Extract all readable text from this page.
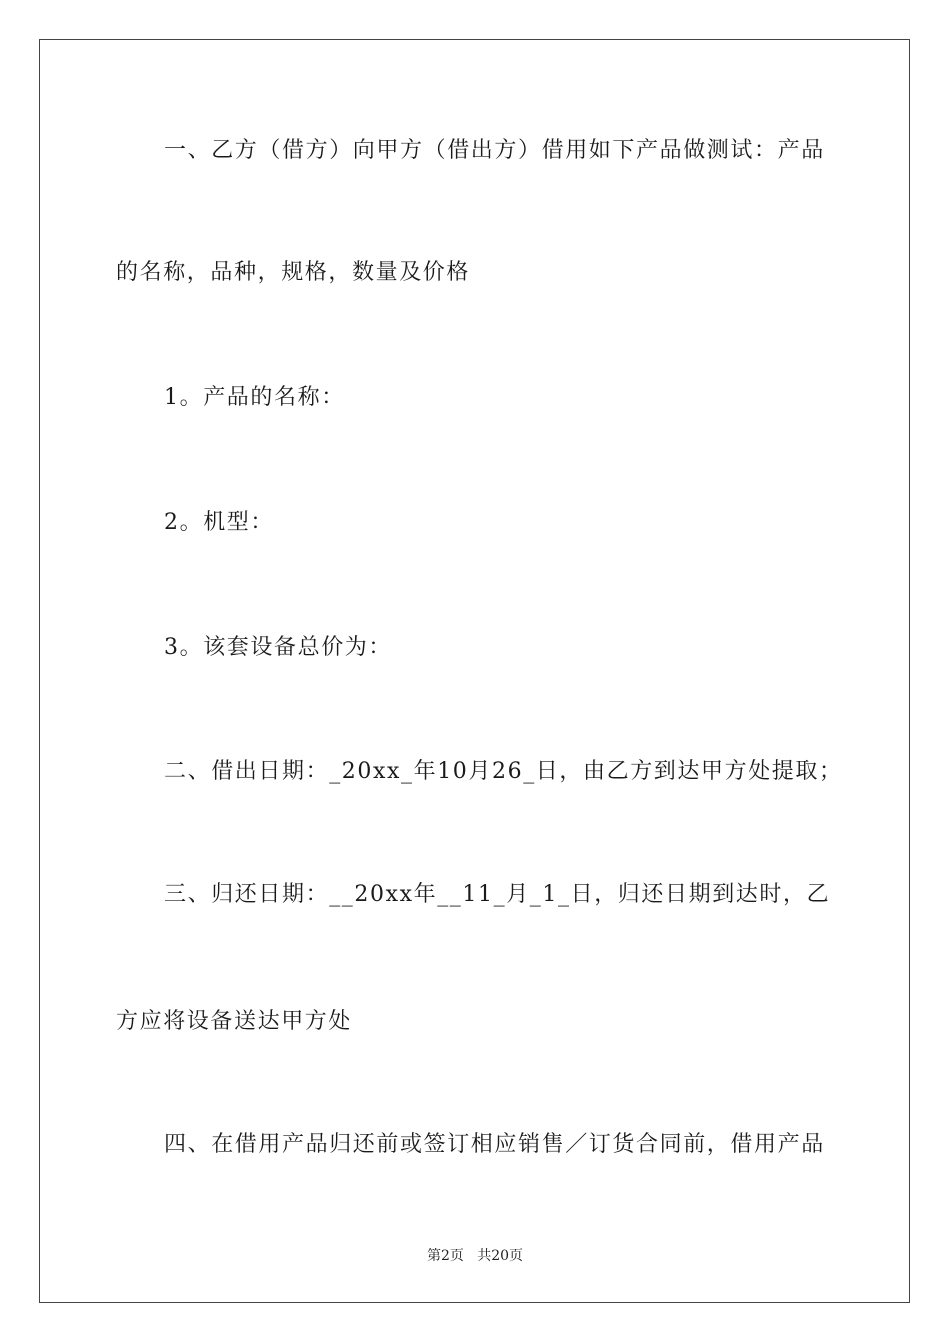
一、乙方（借方）向甲方（借出方）借用如下产品做测试：产品
的名称，品种，规格，数量及价格
1。产品的名称：
2。机型：
3。该套设备总价为：
二、借出日期：_20xx_年10月26_日，由乙方到达甲方处提取；
三、归还日期：__20xx年__11_月_1_日，归还日期到达时，乙
方应将设备送达甲方处
四、在借用产品归还前或签订相应销售／订货合同前，借用产品
第2页   共20页
